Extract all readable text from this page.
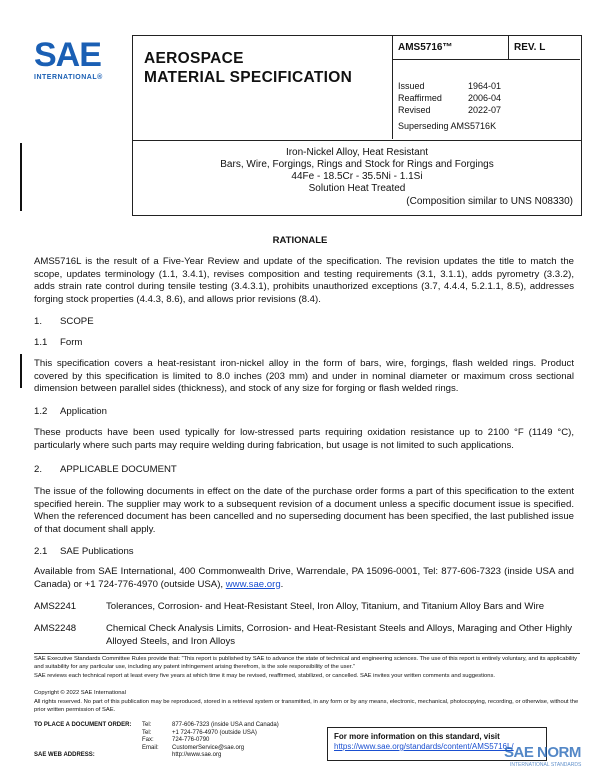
SAE
INTERNATIONAL®
AEROSPACE
MATERIAL SPECIFICATION
AMS5716™	REV. L
Issued	1964-01
Reaffirmed	2006-04
Revised	2022-07
Superseding AMS5716K
Iron-Nickel Alloy, Heat Resistant
Bars, Wire, Forgings, Rings and Stock for Rings and Forgings
44Fe - 18.5Cr - 35.5Ni - 1.1Si
Solution Heat Treated
(Composition similar to UNS N08330)
RATIONALE
AMS5716L is the result of a Five-Year Review and update of the specification. The revision updates the title to match the scope, updates terminology (1.1, 3.4.1), revises composition and testing requirements (3.1, 3.1.1), adds pyrometry (3.3.2), adds strain rate control during tensile testing (3.4.3.1), prohibits unauthorized exceptions (3.7, 4.4.4, 5.2.1.1, 8.5), addresses forging stock properties (4.4.3, 8.6), and allows prior revisions (8.4).
1. SCOPE
1.1 Form
This specification covers a heat-resistant iron-nickel alloy in the form of bars, wire, forgings, flash welded rings. Product covered by this specification is limited to 8.0 inches (203 mm) and under in nominal diameter or maximum cross sectional dimension between parallel sides (thickness), and stock of any size for forging or flash welded rings.
1.2 Application
These products have been used typically for low-stressed parts requiring oxidation resistance up to 2100 °F (1149 °C), particularly where such parts may require welding during fabrication, but usage is not limited to such applications.
2. APPLICABLE DOCUMENT
The issue of the following documents in effect on the date of the purchase order forms a part of this specification to the extent specified herein. The supplier may work to a subsequent revision of a document unless a specific document issue is specified. When the referenced document has been cancelled and no superseding document has been specified, the last published issue of that document shall apply.
2.1 SAE Publications
Available from SAE International, 400 Commonwealth Drive, Warrendale, PA 15096-0001, Tel: 877-606-7323 (inside USA and Canada) or +1 724-776-4970 (outside USA), www.sae.org.
AMS2241	Tolerances, Corrosion- and Heat-Resistant Steel, Iron Alloy, Titanium, and Titanium Alloy Bars and Wire
AMS2248	Chemical Check Analysis Limits, Corrosion- and Heat-Resistant Steels and Alloys, Maraging and Other Highly Alloyed Steels, and Iron Alloys
SAE Executive Standards Committee Rules provide that: “This report is published by SAE to advance the state of technical and engineering sciences. The use of this report is entirely voluntary, and its applicability and suitability for any particular use, including any patent infringement arising therefrom, is the sole responsibility of the user.”
SAE reviews each technical report at least every five years at which time it may be revised, reaffirmed, stabilized, or cancelled. SAE invites your written comments and suggestions.
Copyright © 2022 SAE International
All rights reserved. No part of this publication may be reproduced, stored in a retrieval system or transmitted, in any form or by any means, electronic, mechanical, photocopying, recording, or otherwise, without the prior written permission of SAE.
TO PLACE A DOCUMENT ORDER:	Tel:	877-606-7323 (inside USA and Canada)
Tel:	+1 724-776-4970 (outside USA)
Fax:	724-776-0790
Email:	CustomerService@sae.org
SAE WEB ADDRESS:	http://www.sae.org
For more information on this standard, visit
https://www.sae.org/standards/content/AMS5716L/
SAE NORM
INTERNATIONAL STANDARDS
